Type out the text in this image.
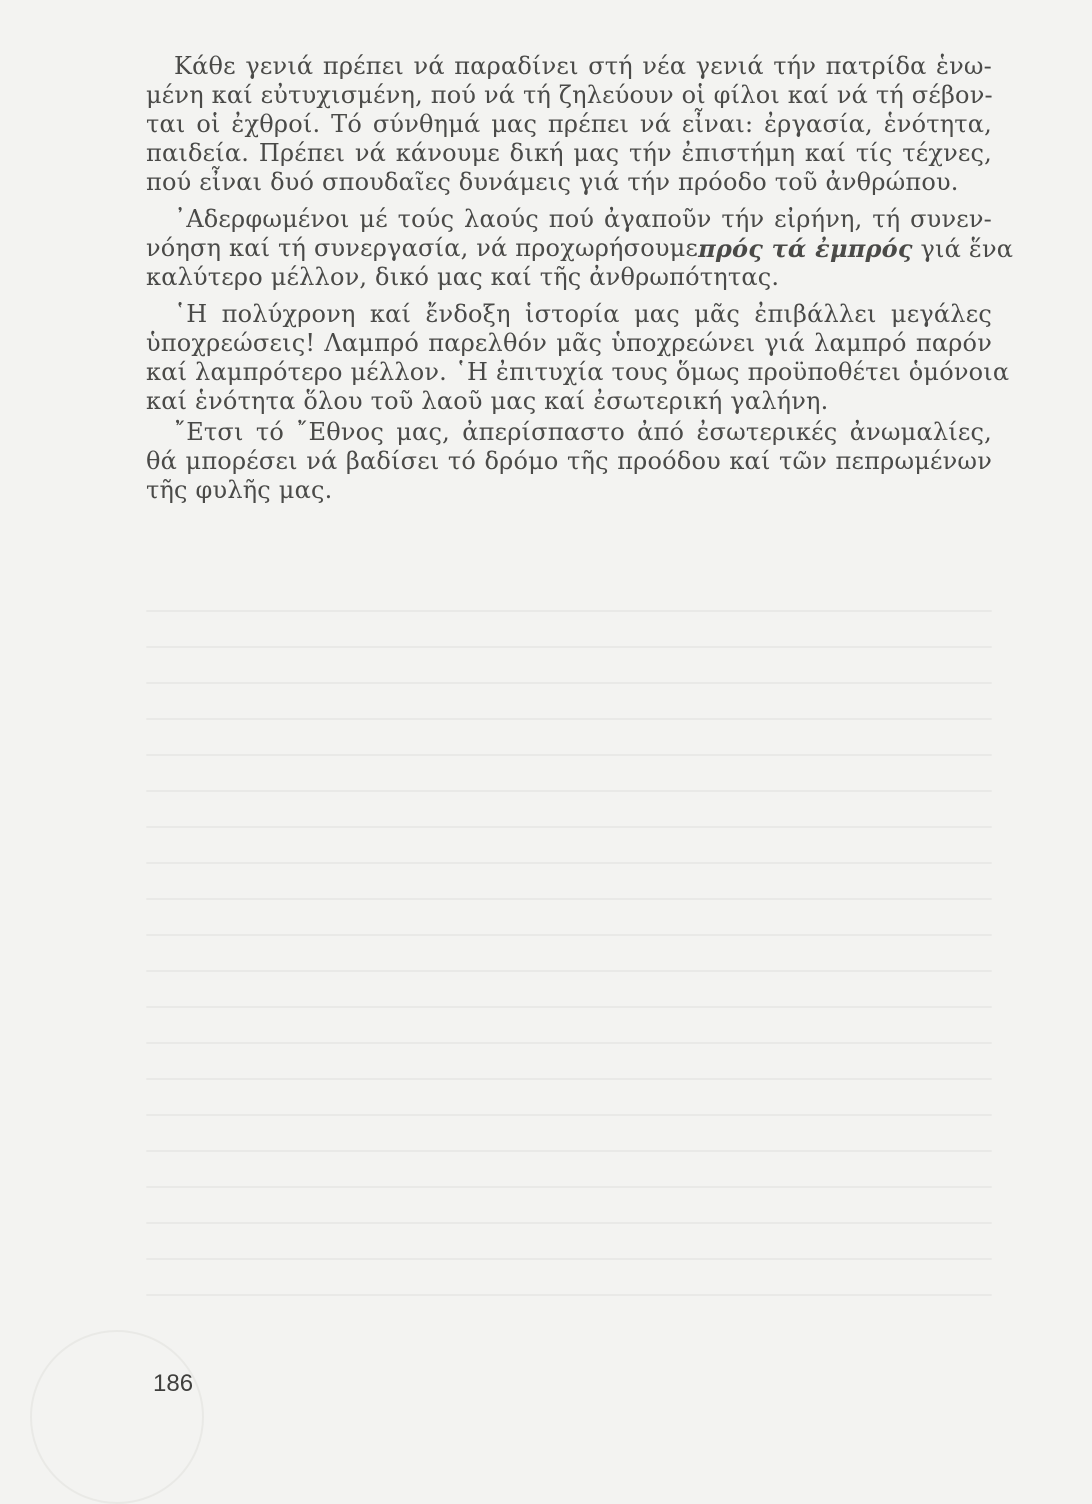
Κάθε γενιά πρέπει νά παραδίνει στή νέα γενιά τήν πατρίδα ἑνω-
μένη καί εὐτυχισμένη, πού νά τή ζηλεύουν οἱ φίλοι καί νά τή σέβον-
ται οἱ ἐχθροί. Τό σύνθημά μας πρέπει νά εἶναι: ἐργασία, ἑνότητα,
παιδεία. Πρέπει νά κάνουμε δική μας τήν ἐπιστήμη καί τίς τέχνες,
πού εἶναι δυό σπουδαῖες δυνάμεις γιά τήν πρόοδο τοῦ ἀνθρώπου.
᾿Αδερφωμένοι μέ τούς λαούς πού ἀγαποῦν τήν εἰρήνη, τή συνεν-
νόηση καί τή συνεργασία, νά προχωρήσουμε πρός τά ἐμπρός γιά ἕνα
καλύτερο μέλλον, δικό μας καί τῆς ἀνθρωπότητας.
῾Η πολύχρονη καί ἔνδοξη ἱστορία μας μᾶς ἐπιβάλλει μεγάλες
ὑποχρεώσεις! Λαμπρό παρελθόν μᾶς ὑποχρεώνει γιά λαμπρό παρόν
καί λαμπρότερο μέλλον. ῾Η ἐπιτυχία τους ὅμως προϋποθέτει ὁμόνοια
καί ἑνότητα ὅλου τοῦ λαοῦ μας καί ἐσωτερική γαλήνη.
῎Ετσι τό ῎Εθνος μας, ἀπερίσπαστο ἀπό ἐσωτερικές ἀνωμαλίες,
θά μπορέσει νά βαδίσει τό δρόμο τῆς προόδου καί τῶν πεπρωμένων
τῆς φυλῆς μας.
186
